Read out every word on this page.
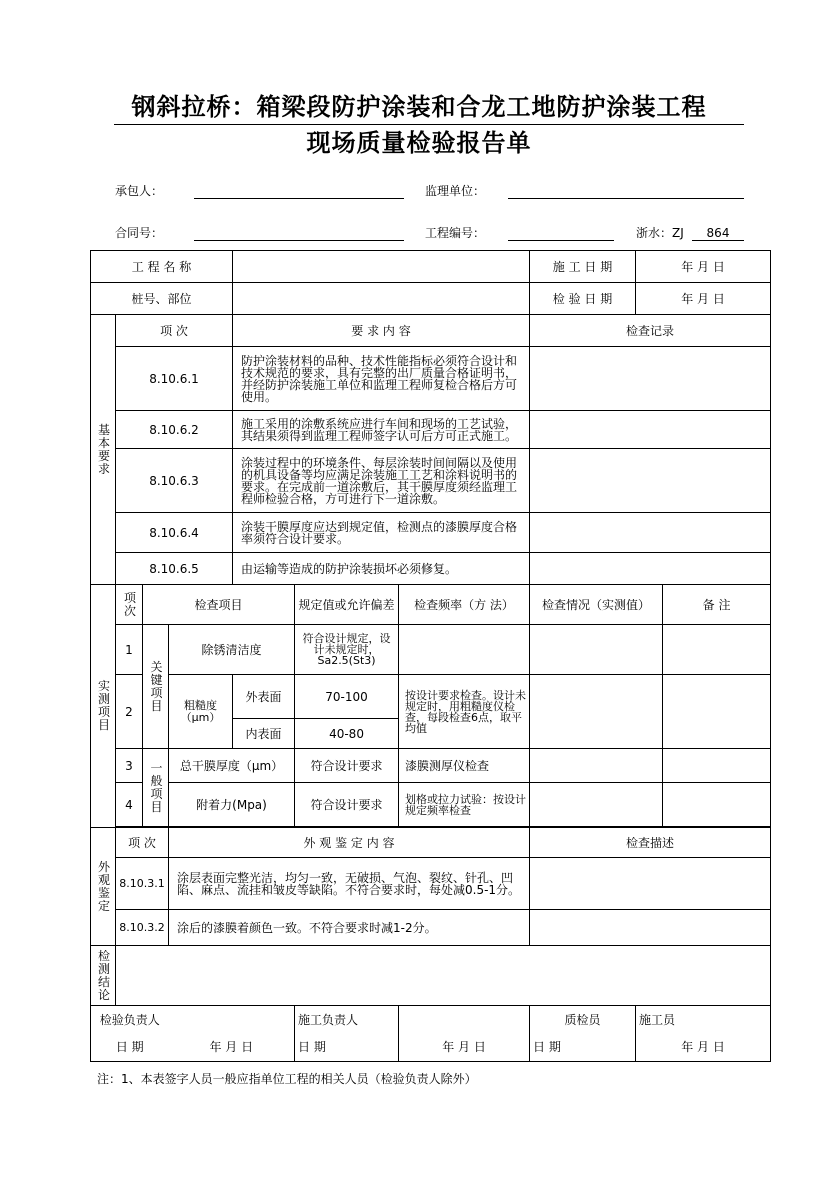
钢斜拉桥：箱梁段防护涂装和合龙工地防护涂装工程
现场质量检验报告单
承包人：	监理单位：
合同号：	工程编号：	浙水：ZJ	864
工 程 名 称							施 工 日 期	年 月 日	
桩号、部位							检 验 日 期	年 月 日	

基本要求	项 次			要 求 内 容			检查记录		
	8.10.6.1			防护涂装材料的品种、技术性能指标必须符合设计和技术规范的要求，具有完整的出厂质量合格证明书，并经防护涂装施工单位和监理工程师复检合格后方可使用。					
	8.10.6.2			施工采用的涂敷系统应进行车间和现场的工艺试验，其结果须得到监理工程师签字认可后方可正式施工。					
	8.10.6.3			涂装过程中的环境条件、每层涂装时间间隔以及使用的机具设备等均应满足涂装施工工艺和涂料说明书的要求。在完成前一道涂敷后，其干膜厚度须经监理工程师检验合格，方可进行下一道涂敷。					
	8.10.6.4			涂装干膜厚度应达到规定值，检测点的漆膜厚度合格率须符合设计要求。					
	8.10.6.5			由运输等造成的防护涂装损坏必须修复。					

实测项目	项次	检查项目			规定值或允许偏差	检查频率（方 法）	检查情况（实测值）		备 注
	1	关键项目	除锈清洁度		符合设计规定，设计未规定时，Sa2.5(St3)				
	2		粗糙度（μm）	外表面	70-100	按设计要求检查。设计未规定时，用粗糙度仪检查，每段检查6点，取平均值			
				内表面	40-80				
	3	一般项目	总干膜厚度（μm）		符合设计要求	漆膜测厚仪检查			
	4		附着力(Mpa)		符合设计要求	划格或拉力试验：按设计规定频率检查			

外观鉴定	项 次		外 观 鉴 定 内 容				检查描述		
	8.10.3.1		涂层表面完整光洁，均匀一致，无破损、气泡、裂纹、针孔、凹陷、麻点、流挂和皱皮等缺陷。不符合要求时，每处减0.5-1分。						
	8.10.3.2		涂后的漆膜着颜色一致。不符合要求时减1-2分。						

检测结论									

检验负责人					施工负责人		质检员	施工员	
日 期			年 月 日		日 期	年 月 日	日 期	年 月 日	
注：1、本表签字人员一般应指单位工程的相关人员（检验负责人除外）
